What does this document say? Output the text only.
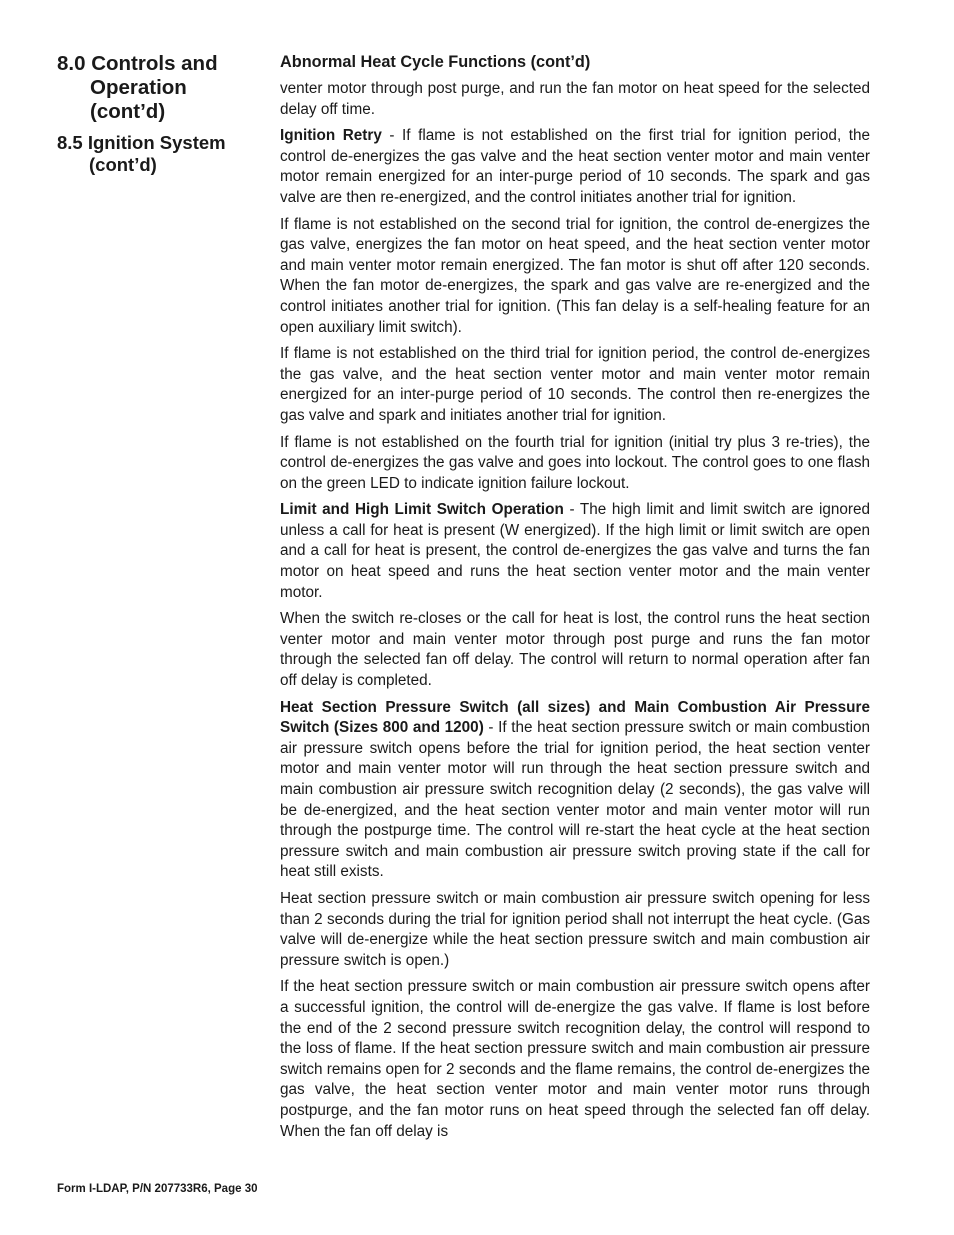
8.0 Controls and Operation (cont’d)
8.5 Ignition System (cont’d)
Abnormal Heat Cycle Functions (cont’d)

venter motor through post purge, and run the fan motor on heat speed for the selected delay off time.

Ignition Retry - If flame is not established on the first trial for ignition period, the control de-energizes the gas valve and the heat section venter motor and main venter motor remain energized for an inter-purge period of 10 seconds. The spark and gas valve are then re-energized, and the control initiates another trial for ignition.

If flame is not established on the second trial for ignition, the control de-energizes the gas valve, energizes the fan motor on heat speed, and the heat section venter motor and main venter motor remain energized. The fan motor is shut off after 120 seconds. When the fan motor de-energizes, the spark and gas valve are re-energized and the control initiates another trial for ignition. (This fan delay is a self-healing feature for an open auxiliary limit switch).

If flame is not established on the third trial for ignition period, the control de-energizes the gas valve, and the heat section venter motor and main venter motor remain energized for an inter-purge period of 10 seconds. The control then re-energizes the gas valve and spark and initiates another trial for ignition.

If flame is not established on the fourth trial for ignition (initial try plus 3 re-tries), the control de-energizes the gas valve and goes into lockout. The control goes to one flash on the green LED to indicate ignition failure lockout.

Limit and High Limit Switch Operation - The high limit and limit switch are ignored unless a call for heat is present (W energized). If the high limit or limit switch are open and a call for heat is present, the control de-energizes the gas valve and turns the fan motor on heat speed and runs the heat section venter motor and the main venter motor.

When the switch re-closes or the call for heat is lost, the control runs the heat section venter motor and main venter motor through post purge and runs the fan motor through the selected fan off delay. The control will return to normal operation after fan off delay is completed.

Heat Section Pressure Switch (all sizes) and Main Combustion Air Pressure Switch (Sizes 800 and 1200) - If the heat section pressure switch or main combustion air pressure switch opens before the trial for ignition period, the heat section venter motor and main venter motor will run through the heat section pressure switch and main combustion air pressure switch recognition delay (2 seconds), the gas valve will be de-energized, and the heat section venter motor and main venter motor will run through the postpurge time. The control will re-start the heat cycle at the heat section pressure switch and main combustion air pressure switch proving state if the call for heat still exists.

Heat section pressure switch or main combustion air pressure switch opening for less than 2 seconds during the trial for ignition period shall not interrupt the heat cycle. (Gas valve will de-energize while the heat section pressure switch and main combustion air pressure switch is open.)

If the heat section pressure switch or main combustion air pressure switch opens after a successful ignition, the control will de-energize the gas valve. If flame is lost before the end of the 2 second pressure switch recognition delay, the control will respond to the loss of flame. If the heat section pressure switch and main combustion air pressure switch remains open for 2 seconds and the flame remains, the control de-energizes the gas valve, the heat section venter motor and main venter motor runs through postpurge, and the fan motor runs on heat speed through the selected fan off delay. When the fan off delay is

Form I-LDAP, P/N 207733R6, Page 30
